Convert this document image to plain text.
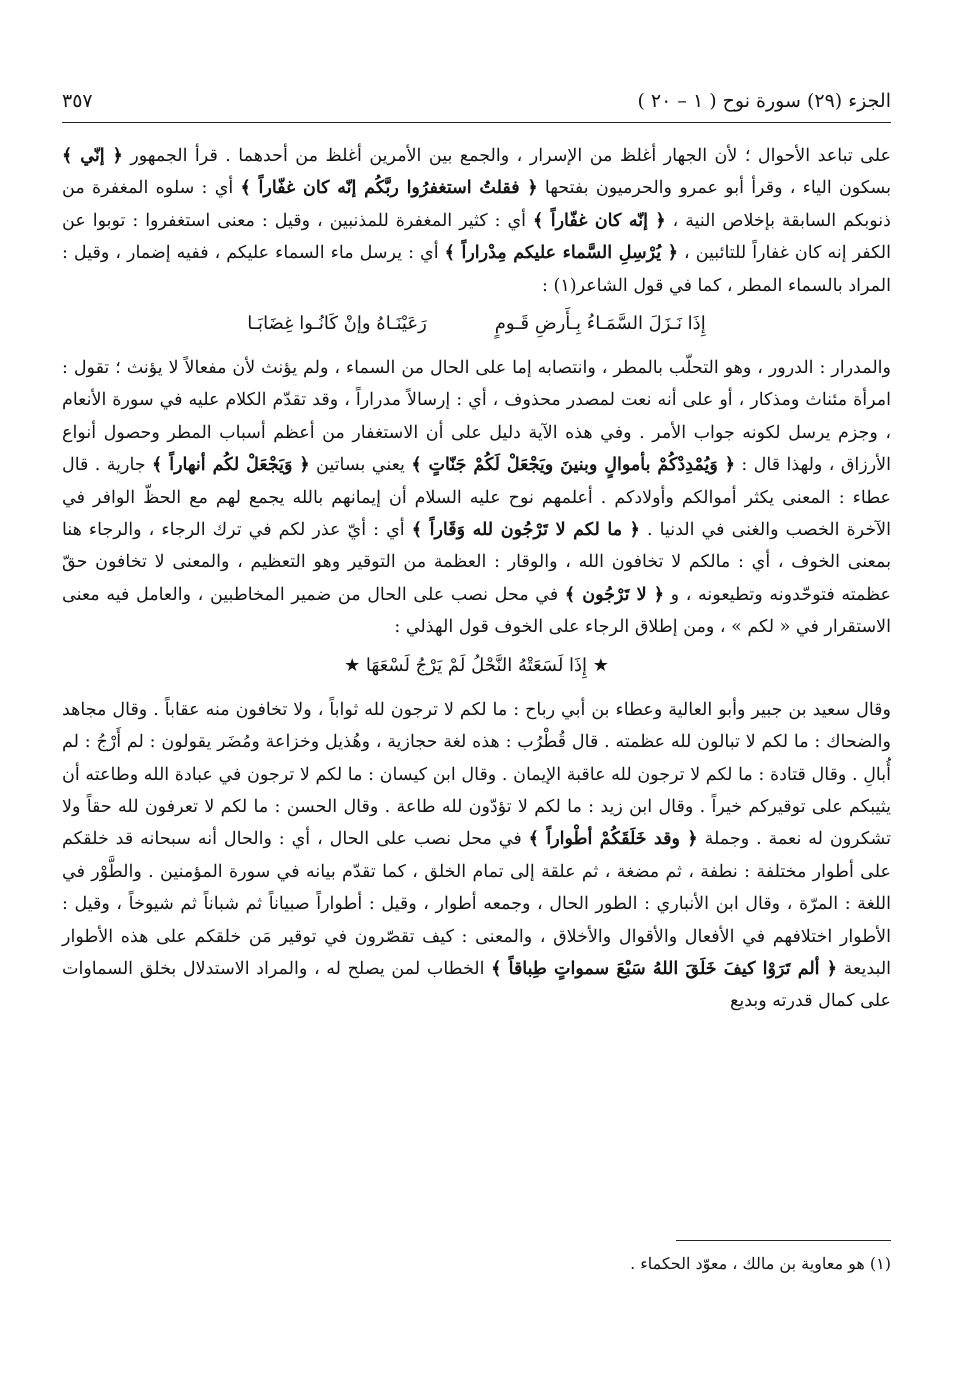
الجزء (٢٩) سورة نوح ( ١ – ٢٠ )
٣٥٧

على تباعد الأحوال ؛ لأن الجهار أغلظ من الإسرار ، والجمع بين الأمرين أغلظ من أحدهما . قرأ الجمهور ﴿ إنّي ﴾ بسكون الياء ، وقرأ أبو عمرو والحرميون بفتحها ﴿ فقلتُ استغفرُوا ربَّكُم إنّه كان غفّاراً ﴾ أي : سلوه المغفرة من ذنوبكم السابقة بإخلاص النية ، ﴿ إنّه كان غفّاراً ﴾ أي : كثير المغفرة للمذنبين ، وقيل : معنى استغفروا : توبوا عن الكفر إنه كان غفاراً للتائبين ، ﴿ يُرْسِلِ السَّماء عليكم مِدْراراً ﴾ أي : يرسل ماء السماء عليكم ، ففيه إضمار ، وقيل : المراد بالسماء المطر ، كما في قول الشاعر(١) :

إِذَا نَـزَلَ السَّمَـاءُ بِـأَرضِ قَـومٍرَعَيْنَـاهُ وإنْ كَانُـوا غِضَابَـا

والمدرار : الدرور ، وهو التحلّب بالمطر ، وانتصابه إما على الحال من السماء ، ولم يؤنث لأن مفعالاً لا يؤنث ؛ تقول : امرأة مئناث ومذكار ، أو على أنه نعت لمصدر محذوف ، أي : إرسالاً مدراراً ، وقد تقدّم الكلام عليه في سورة الأنعام ، وجزم يرسل لكونه جواب الأمر . وفي هذه الآية دليل على أن الاستغفار من أعظم أسباب المطر وحصول أنواع الأرزاق ، ولهذا قال : ﴿ وَيُمْدِدْكُمْ بأموالٍ وبنينَ ويَجْعَلْ لَكُمْ جَنّاتٍ ﴾ يعني بساتين ﴿ وَيَجْعَلْ لكُم أنهاراً ﴾ جارية . قال عطاء : المعنى يكثر أموالكم وأولادكم . أعلمهم نوح عليه السلام أن إيمانهم بالله يجمع لهم مع الحظّ الوافر في الآخرة الخصب والغنى في الدنيا . ﴿ ما لكم لا تَرْجُون لله وَقَاراً ﴾ أي : أيّ عذر لكم في ترك الرجاء ، والرجاء هنا بمعنى الخوف ، أي : مالكم لا تخافون الله ، والوقار : العظمة من التوقير وهو التعظيم ، والمعنى لا تخافون حقّ عظمته فتوحّدونه وتطيعونه ، و ﴿ لا تَرْجُون ﴾ في محل نصب على الحال من ضمير المخاطبين ، والعامل فيه معنى الاستقرار في « لكم » ، ومن إطلاق الرجاء على الخوف قول الهذلي :

★ إِذَا لَسَعَتْهُ النَّحْلُ لَمْ يَرْجُ لَسْعَهَا ★

وقال سعيد بن جبير وأبو العالية وعطاء بن أبي رباح : ما لكم لا ترجون لله ثواباً ، ولا تخافون منه عقاباً . وقال مجاهد والضحاك : ما لكم لا تبالون لله عظمته . قال قُطْرُب : هذه لغة حجازية ، وهُذيل وخزاعة ومُضَر يقولون : لم أَرْجُ : لم أُبالِ . وقال قتادة : ما لكم لا ترجون لله عاقبة الإيمان . وقال ابن كيسان : ما لكم لا ترجون في عبادة الله وطاعته أن يثيبكم على توقيركم خيراً . وقال ابن زيد : ما لكم لا تؤدّون لله طاعة . وقال الحسن : ما لكم لا تعرفون لله حقاً ولا تشكرون له نعمة . وجملة ﴿ وقد خَلَقَكُمْ أطْواراً ﴾ في محل نصب على الحال ، أي : والحال أنه سبحانه قد خلقكم على أطوار مختلفة : نطفة ، ثم مضغة ، ثم علقة إلى تمام الخلق ، كما تقدّم بيانه في سورة المؤمنين . والطَّوْر في اللغة : المرّة ، وقال ابن الأنباري : الطور الحال ، وجمعه أطوار ، وقيل : أطواراً صبياناً ثم شباناً ثم شيوخاً ، وقيل : الأطوار اختلافهم في الأفعال والأقوال والأخلاق ، والمعنى : كيف تقصّرون في توقير مَن خلقكم على هذه الأطوار البديعة ﴿ ألم تَرَوْا كيفَ خَلَقَ اللهُ سَبْعَ سمواتٍ طِباقاً ﴾ الخطاب لمن يصلح له ، والمراد الاستدلال بخلق السماوات على كمال قدرته وبديع

(١) هو معاوية بن مالك ، معوّد الحكماء .
